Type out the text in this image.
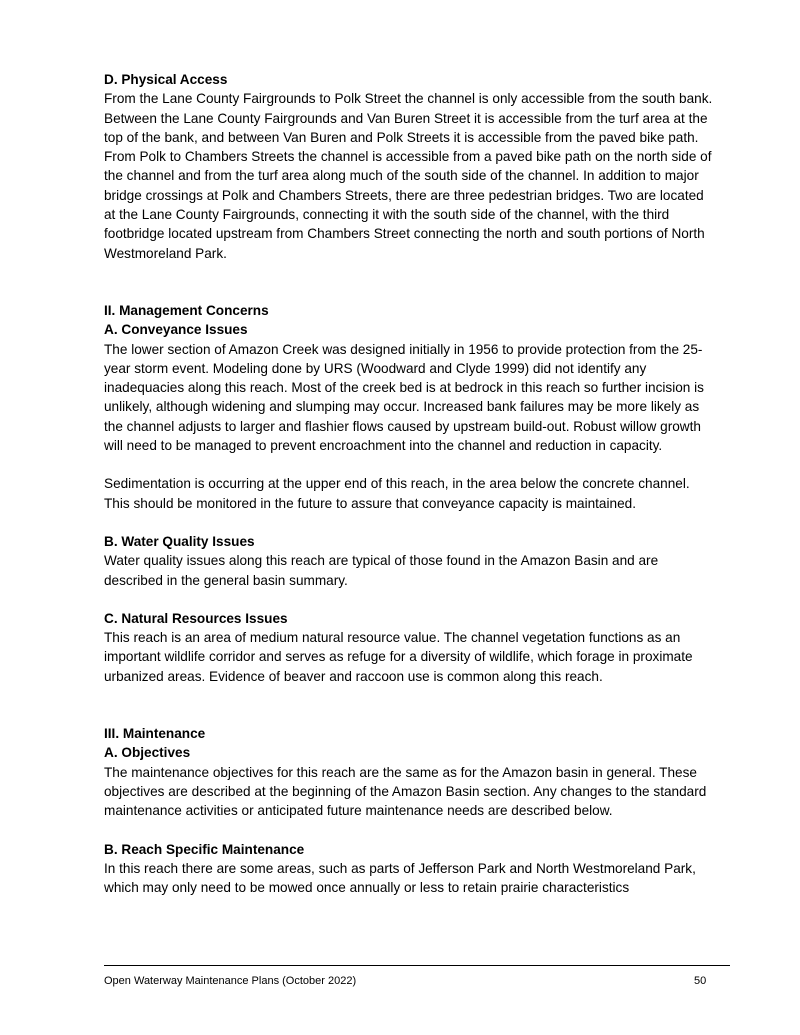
D. Physical Access

From the Lane County Fairgrounds to Polk Street the channel is only accessible from the south bank. Between the Lane County Fairgrounds and Van Buren Street it is accessible from the turf area at the top of the bank, and between Van Buren and Polk Streets it is accessible from the paved bike path. From Polk to Chambers Streets the channel is accessible from a paved bike path on the north side of the channel and from the turf area along much of the south side of the channel. In addition to major bridge crossings at Polk and Chambers Streets, there are three pedestrian bridges. Two are located at the Lane County Fairgrounds, connecting it with the south side of the channel, with the third footbridge located upstream from Chambers Street connecting the north and south portions of North Westmoreland Park.

II. Management Concerns

A. Conveyance Issues

The lower section of Amazon Creek was designed initially in 1956 to provide protection from the 25-year storm event. Modeling done by URS (Woodward and Clyde 1999) did not identify any inadequacies along this reach. Most of the creek bed is at bedrock in this reach so further incision is unlikely, although widening and slumping may occur. Increased bank failures may be more likely as the channel adjusts to larger and flashier flows caused by upstream build-out. Robust willow growth will need to be managed to prevent encroachment into the channel and reduction in capacity.

Sedimentation is occurring at the upper end of this reach, in the area below the concrete channel. This should be monitored in the future to assure that conveyance capacity is maintained.

B. Water Quality Issues

Water quality issues along this reach are typical of those found in the Amazon Basin and are described in the general basin summary.

C. Natural Resources Issues

This reach is an area of medium natural resource value. The channel vegetation functions as an important wildlife corridor and serves as refuge for a diversity of wildlife, which forage in proximate urbanized areas. Evidence of beaver and raccoon use is common along this reach.

III. Maintenance

A. Objectives

The maintenance objectives for this reach are the same as for the Amazon basin in general. These objectives are described at the beginning of the Amazon Basin section. Any changes to the standard maintenance activities or anticipated future maintenance needs are described below.

B. Reach Specific Maintenance

In this reach there are some areas, such as parts of Jefferson Park and North Westmoreland Park, which may only need to be mowed once annually or less to retain prairie characteristics

Open Waterway Maintenance Plans (October 2022)	50
